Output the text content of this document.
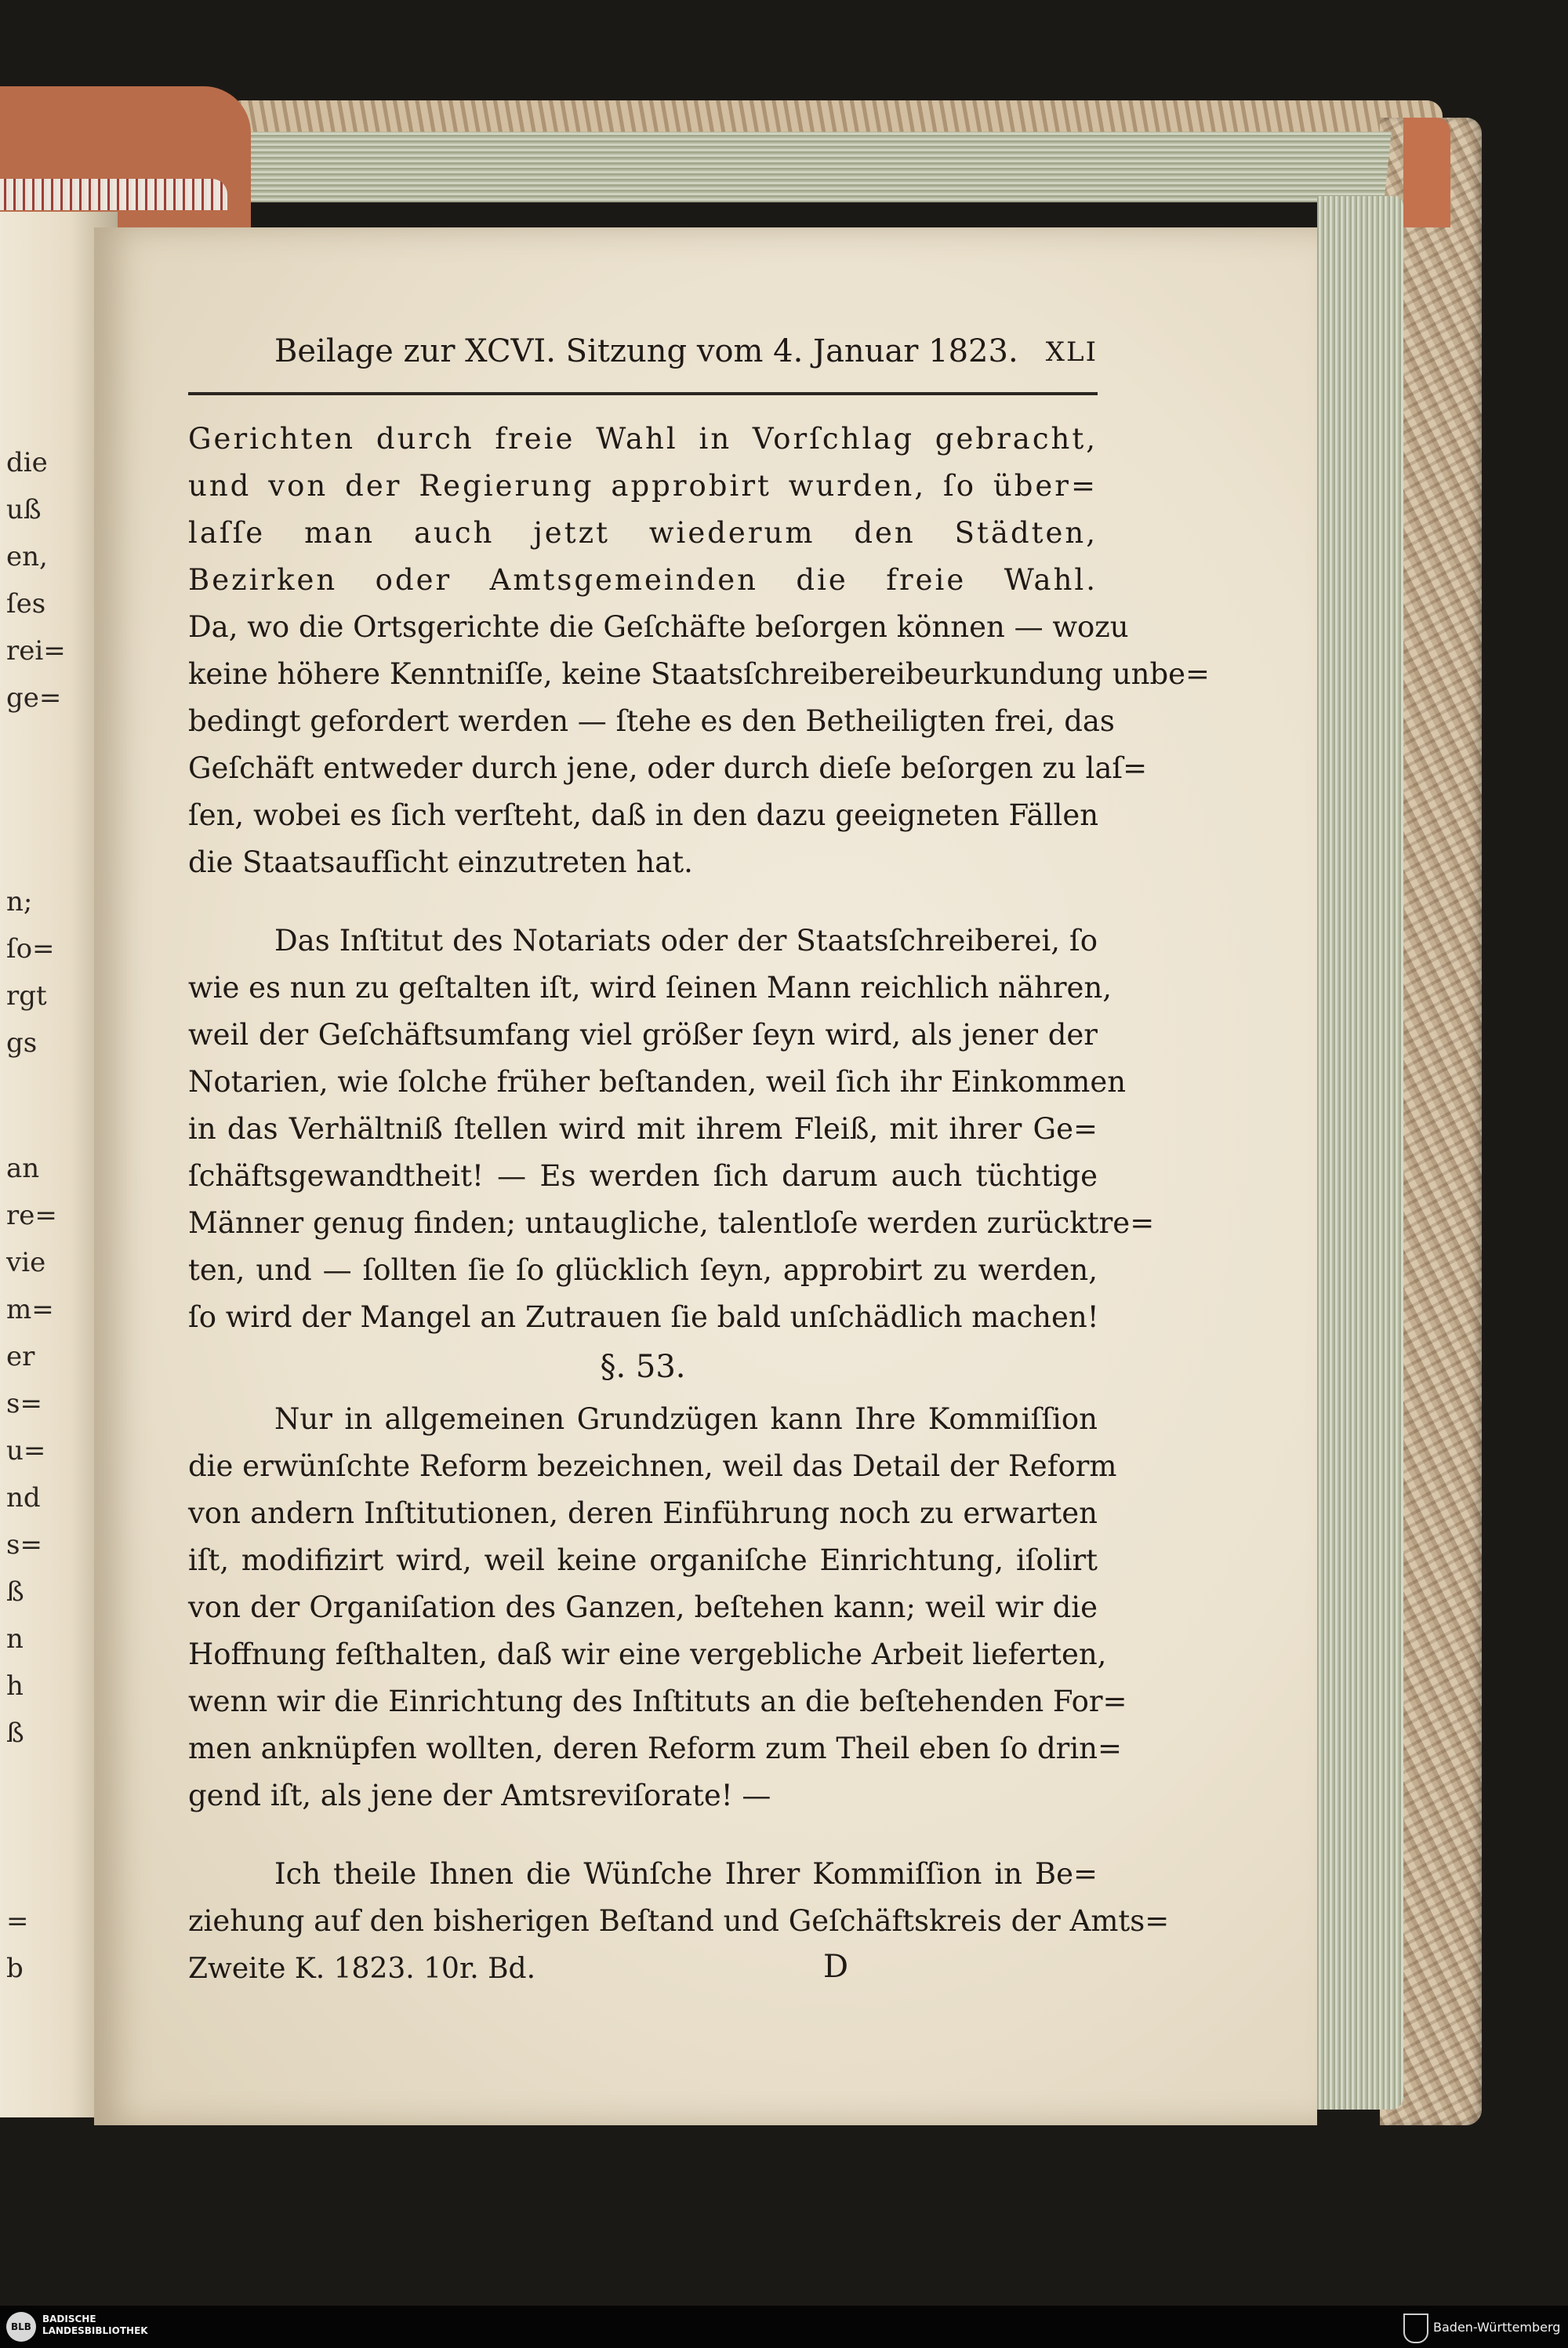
die
uß
en,
ſes
rei=
ge=
n;
ſo=
rgt
gs
an
re=
vie
m=
er
s=
u=
nd
s=
ß
n
h
ß
=
b
Beilage zur XCVI. Sitzung vom 4. Januar 1823. XLI
Gerichten durch freie Wahl in Vorſchlag gebracht,
und von der Regierung approbirt wurden, ſo über=
laſſe man auch jetzt wiederum den Städten,
Bezirken oder Amtsgemeinden die freie Wahl.
Da, wo die Ortsgerichte die Geſchäfte beſorgen können — wozu
keine höhere Kenntniſſe, keine Staatsſchreibereibeurkundung unbe=
bedingt gefordert werden — ſtehe es den Betheiligten frei, das
Geſchäft entweder durch jene, oder durch dieſe beſorgen zu laſ=
ſen, wobei es ſich verſteht, daß in den dazu geeigneten Fällen
die Staatsaufſicht einzutreten hat.
Das Inſtitut des Notariats oder der Staatsſchreiberei, ſo
wie es nun zu geſtalten iſt, wird ſeinen Mann reichlich nähren,
weil der Geſchäftsumfang viel größer ſeyn wird, als jener der
Notarien, wie ſolche früher beſtanden, weil ſich ihr Einkommen
in das Verhältniß ſtellen wird mit ihrem Fleiß, mit ihrer Ge=
ſchäftsgewandtheit! — Es werden ſich darum auch tüchtige
Männer genug finden; untaugliche, talentloſe werden zurücktre=
ten, und — ſollten ſie ſo glücklich ſeyn, approbirt zu werden,
ſo wird der Mangel an Zutrauen ſie bald unſchädlich machen!
§. 53.
Nur in allgemeinen Grundzügen kann Ihre Kommiſſion
die erwünſchte Reform bezeichnen, weil das Detail der Reform
von andern Inſtitutionen, deren Einführung noch zu erwarten
iſt, modifizirt wird, weil keine organiſche Einrichtung, iſolirt
von der Organiſation des Ganzen, beſtehen kann; weil wir die
Hoffnung feſthalten, daß wir eine vergebliche Arbeit lieferten,
wenn wir die Einrichtung des Inſtituts an die beſtehenden For=
men anknüpfen wollten, deren Reform zum Theil eben ſo drin=
gend iſt, als jene der Amtsreviſorate! —
Ich theile Ihnen die Wünſche Ihrer Kommiſſion in Be=
ziehung auf den bisherigen Beſtand und Geſchäftskreis der Amts=
Zweite K. 1823. 10r. Bd.	D
BLB
BADISCHE
LANDESBIBLIOTHEK	Baden-Württemberg
